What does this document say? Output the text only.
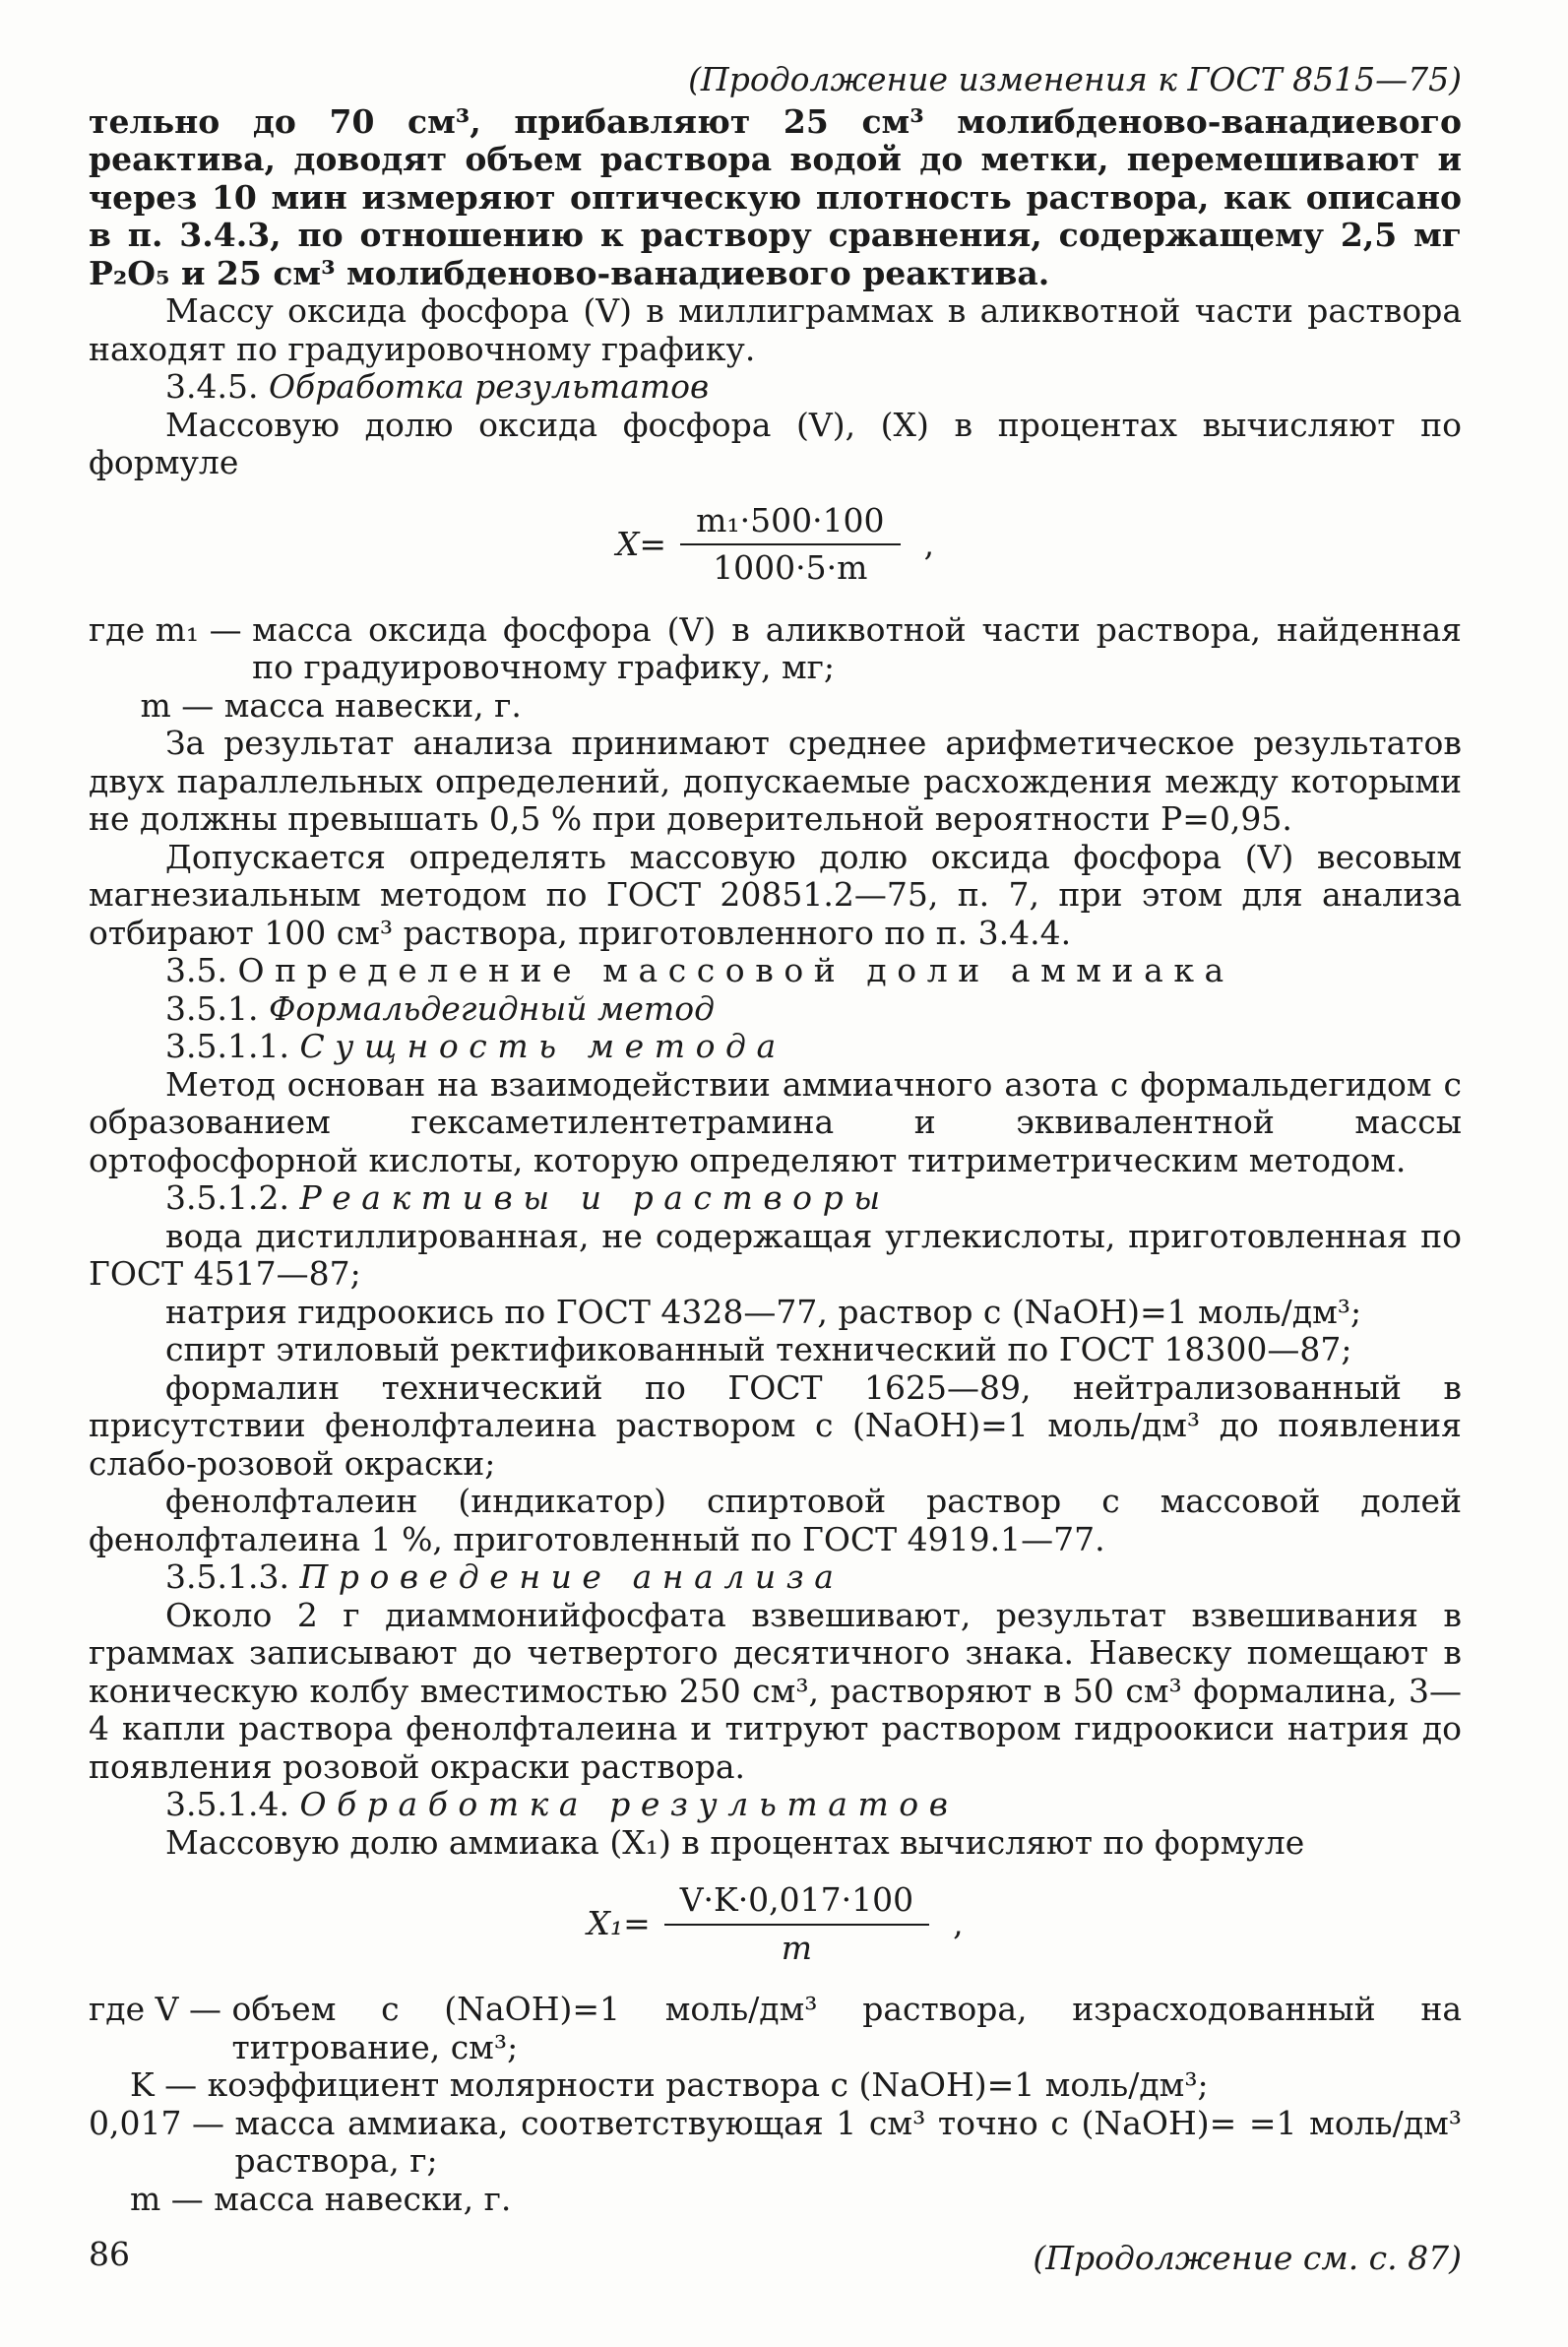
(Продолжение изменения к ГОСТ 8515—75)

тельно до 70 см³, прибавляют 25 см³ молибденово-ванадиевого реактива, доводят объем раствора водой до метки, перемешивают и через 10 мин измеряют оптическую плотность раствора, как описано в п. 3.4.3, по отношению к раствору сравнения, содержащему 2,5 мг P₂O₅ и 25 см³ молибденово-ванадиевого реактива.

Массу оксида фосфора (V) в миллиграммах в аликвотной части раствора находят по градуировочному графику.

3.4.5. Обработка результатов

Массовую долю оксида фосфора (V), (X) в процентах вычисляют по формуле

$X= \frac{\text{m₁·500·100}}{1000\cdot 5\cdot m}$ ,
где m₁ — масса оксида фосфора (V) в аликвотной части раствора, найденная по градуировочному графику, мг;
m — масса навески, г.

За результат анализа принимают среднее арифметическое результатов двух параллельных определений, допускаемые расхождения между которыми не должны превышать 0,5 % при доверительной вероятности P=0,95.

Допускается определять массовую долю оксида фосфора (V) весовым магнезиальным методом по ГОСТ 20851.2—75, п. 7, при этом для анализа отбирают 100 см³ раствора, приготовленного по п. 3.4.4.

3.5. Определение массовой доли аммиака

3.5.1. Формальдегидный метод

3.5.1.1. Сущность метода

Метод основан на взаимодействии аммиачного азота с формальдегидом с образованием гексаметилентетрамина и эквивалентной массы ортофосфорной кислоты, которую определяют титриметрическим методом.

3.5.1.2. Реактивы и растворы

вода дистиллированная, не содержащая углекислоты, приготовленная по ГОСТ 4517—87;

натрия гидроокись по ГОСТ 4328—77, раствор c (NaOH)=1 моль/дм³;

спирт этиловый ректификованный технический по ГОСТ 18300—87;

формалин технический по ГОСТ 1625—89, нейтрализованный в присутствии фенолфталеина раствором c (NaOH)=1 моль/дм³ до появления слабо-розовой окраски;

фенолфталеин (индикатор) спиртовой раствор с массовой долей фенолфталеина 1 %, приготовленный по ГОСТ 4919.1—77.

3.5.1.3. Проведение анализа

Около 2 г диаммонийфосфата взвешивают, результат взвешивания в граммах записывают до четвертого десятичного знака. Навеску помещают в коническую колбу вместимостью 250 см³, растворяют в 50 см³ формалина, 3—4 капли раствора фенолфталеина и титруют раствором гидроокиси натрия до появления розовой окраски раствора.

3.5.1.4. Обработка результатов

Массовую долю аммиака (X₁) в процентах вычисляют по формуле

$X_1= \frac{V\cdot K\cdot 0,017\cdot 100}{m}$ ,
где V — объем c (NaOH)=1 моль/дм³ раствора, израсходованный на титрование, см³;
K — коэффициент молярности раствора c (NaOH)=1 моль/дм³;
0,017 — масса аммиака, соответствующая 1 см³ точно c (NaOH)= =1 моль/дм³ раствора, г;
m — масса навески, г.
(Продолжение см. с. 87)
86
